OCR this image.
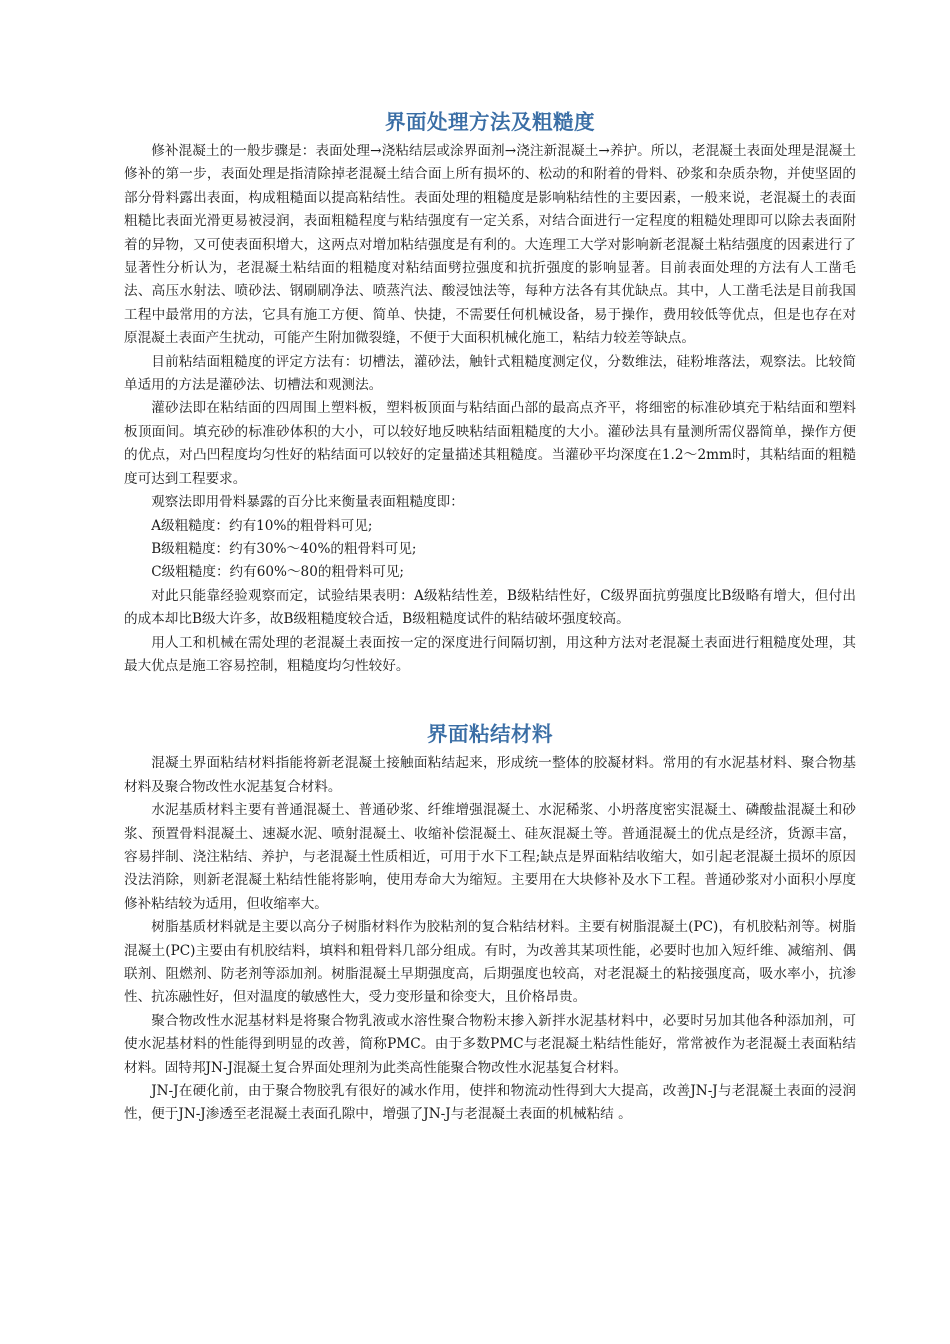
界面处理方法及粗糙度

修补混凝土的一般步骤是：表面处理→浇粘结层或涂界面剂→浇注新混凝土→养护。所以，老混凝土表面处理是混凝土修补的第一步，表面处理是指清除掉老混凝土结合面上所有损坏的、松动的和附着的骨料、砂浆和杂质杂物，并使坚固的部分骨料露出表面，构成粗糙面以提高粘结性。表面处理的粗糙度是影响粘结性的主要因素，一般来说，老混凝土的表面粗糙比表面光滑更易被浸润，表面粗糙程度与粘结强度有一定关系，对结合面进行一定程度的粗糙处理即可以除去表面附着的异物，又可使表面积增大，这两点对增加粘结强度是有利的。大连理工大学对影响新老混凝土粘结强度的因素进行了显著性分析认为，老混凝土粘结面的粗糙度对粘结面劈拉强度和抗折强度的影响显著。目前表面处理的方法有人工凿毛法、高压水射法、喷砂法、钢刷刷净法、喷蒸汽法、酸浸蚀法等，每种方法各有其优缺点。其中，人工凿毛法是目前我国工程中最常用的方法，它具有施工方便、简单、快捷，不需要任何机械设备，易于操作，费用较低等优点，但是也存在对原混凝土表面产生扰动，可能产生附加微裂缝，不便于大面积机械化施工，粘结力较差等缺点。

目前粘结面粗糙度的评定方法有：切槽法，灌砂法，触针式粗糙度测定仪，分数维法，硅粉堆落法，观察法。比较简单适用的方法是灌砂法、切槽法和观测法。

灌砂法即在粘结面的四周围上塑料板，塑料板顶面与粘结面凸部的最高点齐平，将细密的标准砂填充于粘结面和塑料板顶面间。填充砂的标准砂体积的大小，可以较好地反映粘结面粗糙度的大小。灌砂法具有量测所需仪器简单，操作方便的优点，对凸凹程度均匀性好的粘结面可以较好的定量描述其粗糙度。当灌砂平均深度在1.2～2mm时，其粘结面的粗糙度可达到工程要求。

观察法即用骨料暴露的百分比来衡量表面粗糙度即：

A级粗糙度：约有10%的粗骨料可见;

B级粗糙度：约有30%～40%的粗骨料可见;

C级粗糙度：约有60%～80的粗骨料可见;

对此只能靠经验观察而定，试验结果表明：A级粘结性差，B级粘结性好，C级界面抗剪强度比B级略有增大，但付出的成本却比B级大许多，故B级粗糙度较合适，B级粗糙度试件的粘结破坏强度较高。

用人工和机械在需处理的老混凝土表面按一定的深度进行间隔切割，用这种方法对老混凝土表面进行粗糙度处理，其最大优点是施工容易控制，粗糙度均匀性较好。

界面粘结材料

混凝土界面粘结材料指能将新老混凝土接触面粘结起来，形成统一整体的胶凝材料。常用的有水泥基材料、聚合物基材料及聚合物改性水泥基复合材料。

水泥基质材料主要有普通混凝土、普通砂浆、纤维增强混凝土、水泥稀浆、小坍落度密实混凝土、磷酸盐混凝土和砂浆、预置骨料混凝土、速凝水泥、喷射混凝土、收缩补偿混凝土、硅灰混凝土等。普通混凝土的优点是经济，货源丰富，容易拌制、浇注粘结、养护，与老混凝土性质相近，可用于水下工程;缺点是界面粘结收缩大，如引起老混凝土损坏的原因没法消除，则新老混凝土粘结性能将影响，使用寿命大为缩短。主要用在大块修补及水下工程。普通砂浆对小面积小厚度修补粘结较为适用，但收缩率大。

树脂基质材料就是主要以高分子树脂材料作为胶粘剂的复合粘结材料。主要有树脂混凝土(PC)，有机胶粘剂等。树脂混凝土(PC)主要由有机胶结料，填料和粗骨料几部分组成。有时，为改善其某项性能，必要时也加入短纤维、减缩剂、偶联剂、阻燃剂、防老剂等添加剂。树脂混凝土早期强度高，后期强度也较高，对老混凝土的粘接强度高，吸水率小，抗渗性、抗冻融性好，但对温度的敏感性大，受力变形量和徐变大，且价格昂贵。

聚合物改性水泥基材料是将聚合物乳液或水溶性聚合物粉末掺入新拌水泥基材料中，必要时另加其他各种添加剂，可使水泥基材料的性能得到明显的改善，简称PMC。由于多数PMC与老混凝土粘结性能好，常常被作为老混凝土表面粘结材料。固特邦JN-J混凝土复合界面处理剂为此类高性能聚合物改性水泥基复合材料。

JN-J在硬化前，由于聚合物胶乳有很好的减水作用，使拌和物流动性得到大大提高，改善JN-J与老混凝土表面的浸润性，便于JN-J渗透至老混凝土表面孔隙中，增强了JN-J与老混凝土表面的机械粘结 。
